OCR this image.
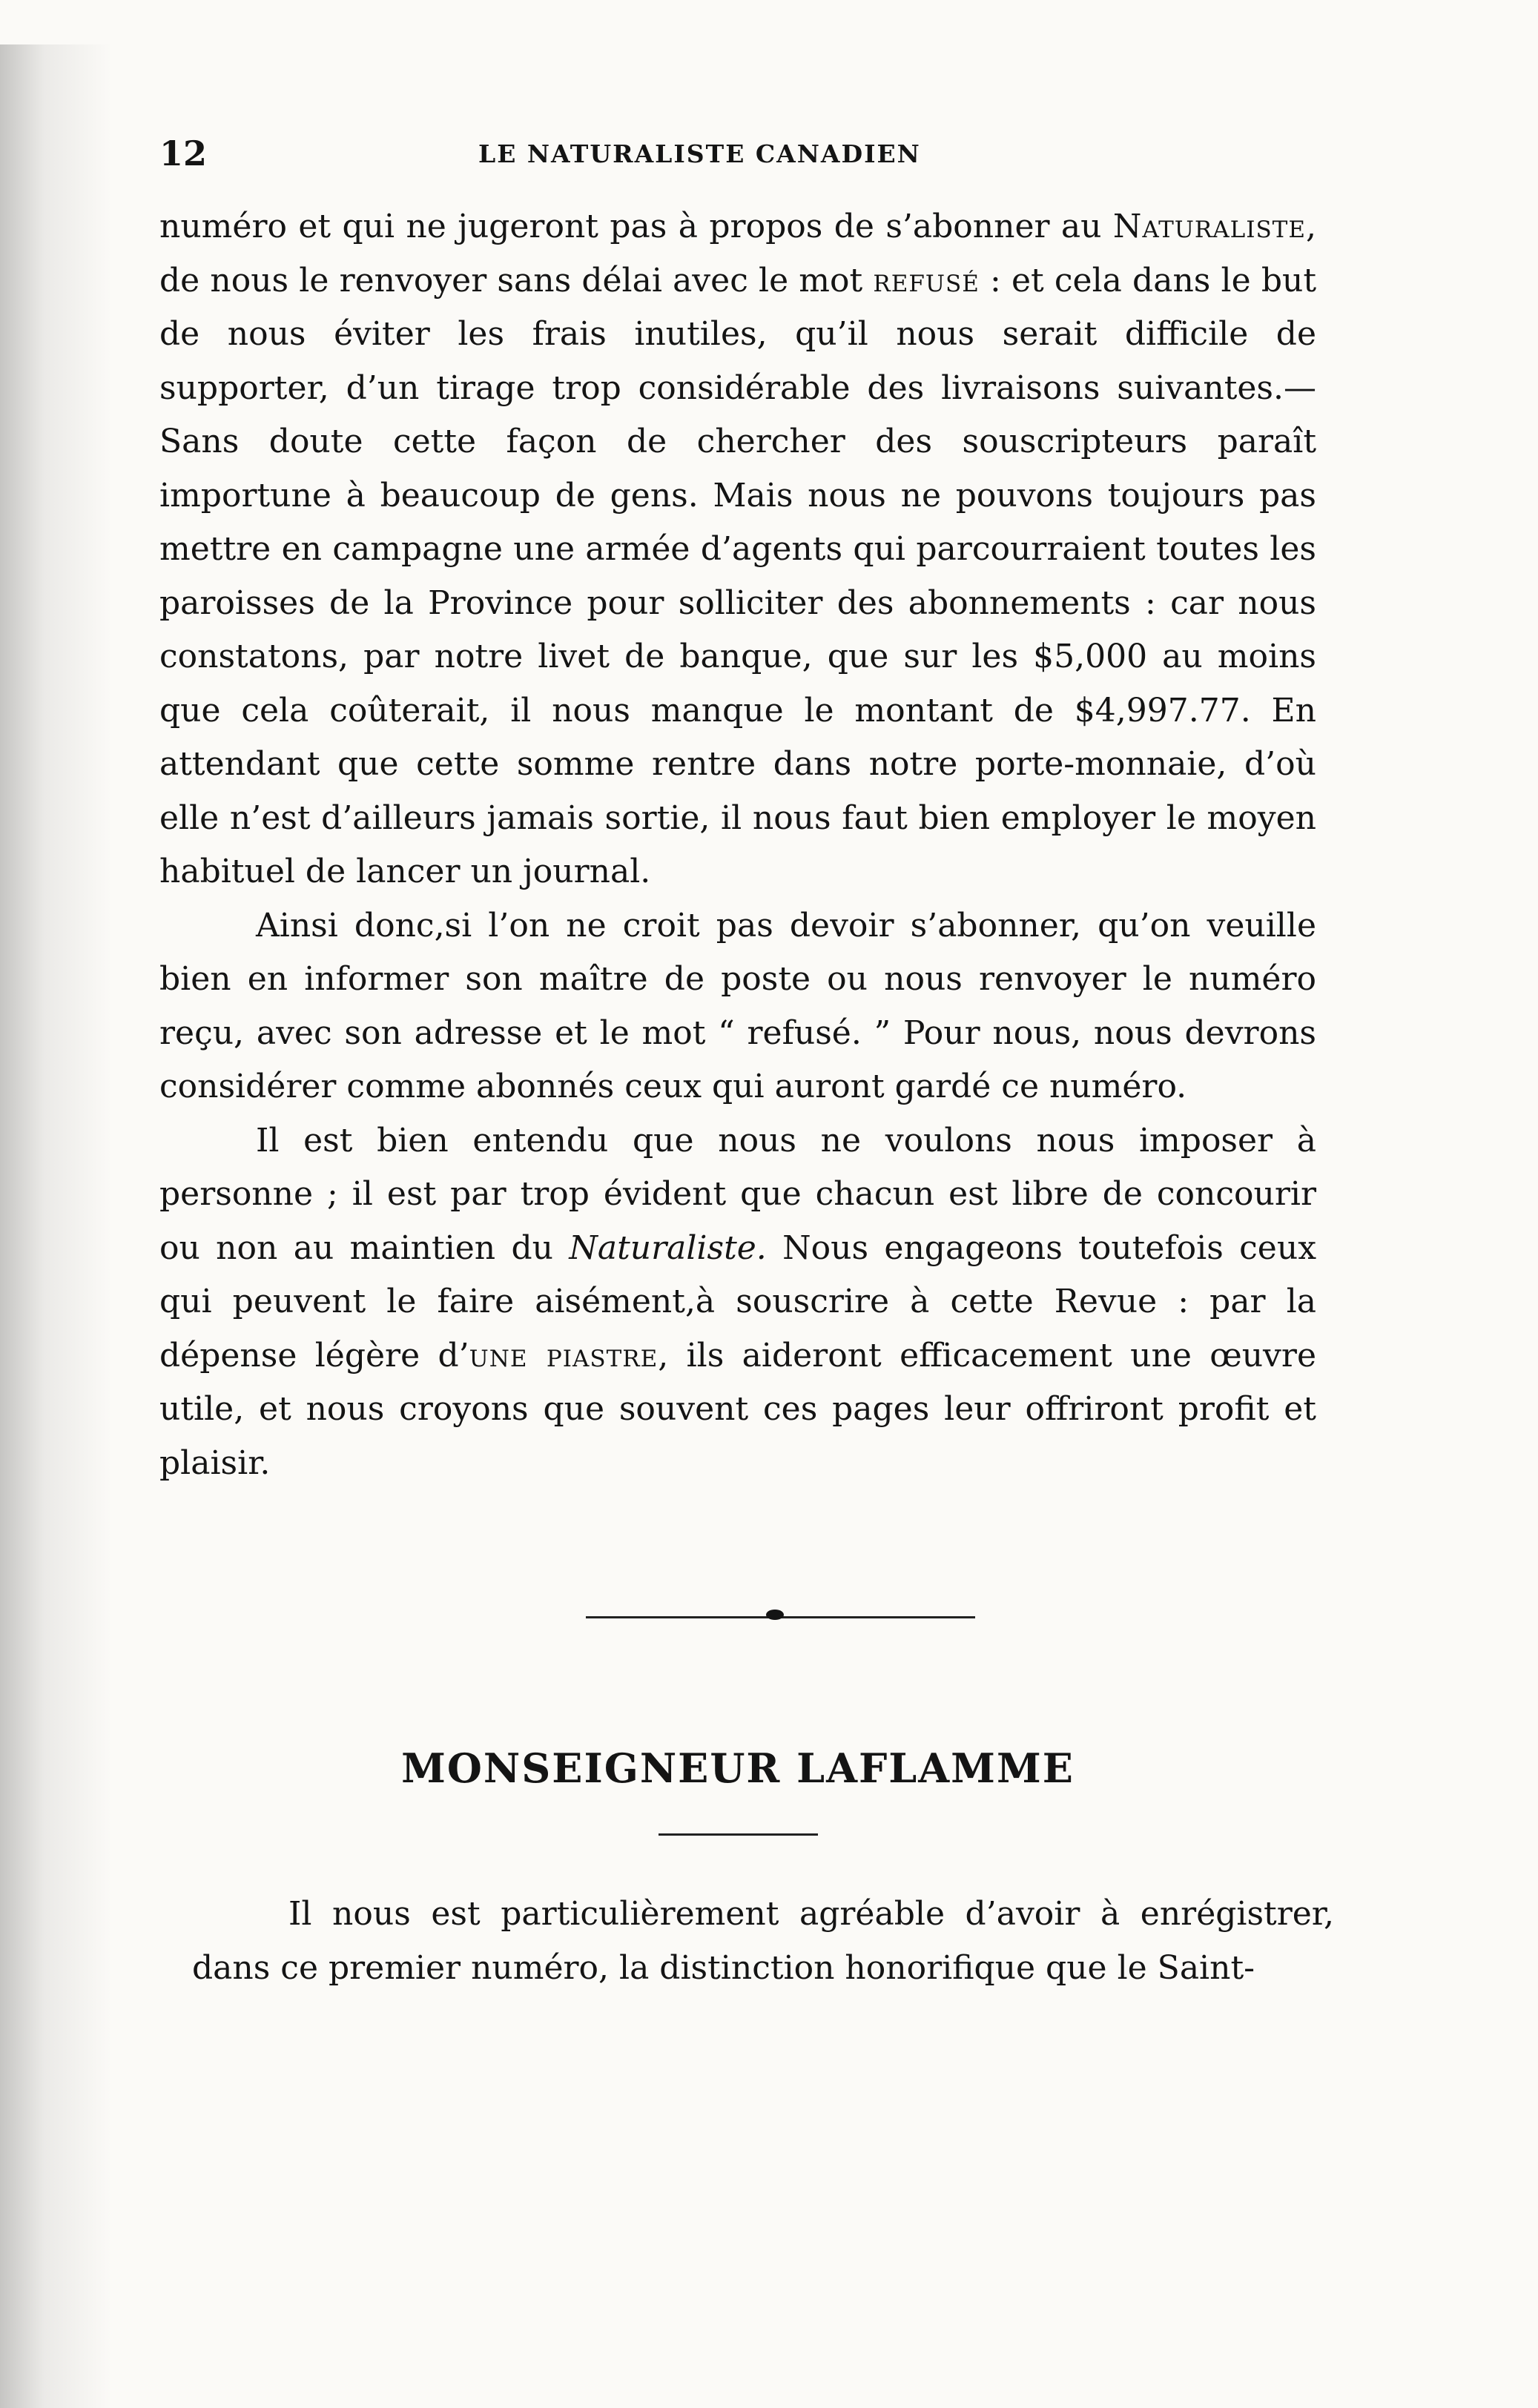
12	LE NATURALISTE CANADIEN

numéro et qui ne jugeront pas à propos de s’abonner au Naturaliste, de nous le renvoyer sans délai avec le mot refusé : et cela dans le but de nous éviter les frais inutiles, qu’il nous serait difficile de supporter, d’un tirage trop considérable des livraisons suivantes.—Sans doute cette façon de chercher des souscripteurs paraît importune à beaucoup de gens. Mais nous ne pouvons toujours pas mettre en campagne une armée d’agents qui parcourraient toutes les paroisses de la Province pour solliciter des abonnements : car nous constatons, par notre livet de banque, que sur les $5,000 au moins que cela coûterait, il nous manque le montant de $4,997.77. En attendant que cette somme rentre dans notre porte-monnaie, d’où elle n’est d’ailleurs jamais sortie, il nous faut bien employer le moyen habituel de lancer un journal.

Ainsi donc,si l’on ne croit pas devoir s’abonner, qu’on veuille bien en informer son maître de poste ou nous renvoyer le numéro reçu, avec son adresse et le mot “ refusé. ” Pour nous, nous devrons considérer comme abonnés ceux qui auront gardé ce numéro.

Il est bien entendu que nous ne voulons nous imposer à personne ; il est par trop évident que chacun est libre de concourir ou non au maintien du Naturaliste. Nous engageons toutefois ceux qui peuvent le faire aisément,à souscrire à cette Revue : par la dépense légère d’une piastre, ils aideront efficacement une œuvre utile, et nous croyons que souvent ces pages leur offriront profit et plaisir.

MONSEIGNEUR LAFLAMME

Il nous est particulièrement agréable d’avoir à enrégistrer, dans ce premier numéro, la distinction honorifique que le Saint-
